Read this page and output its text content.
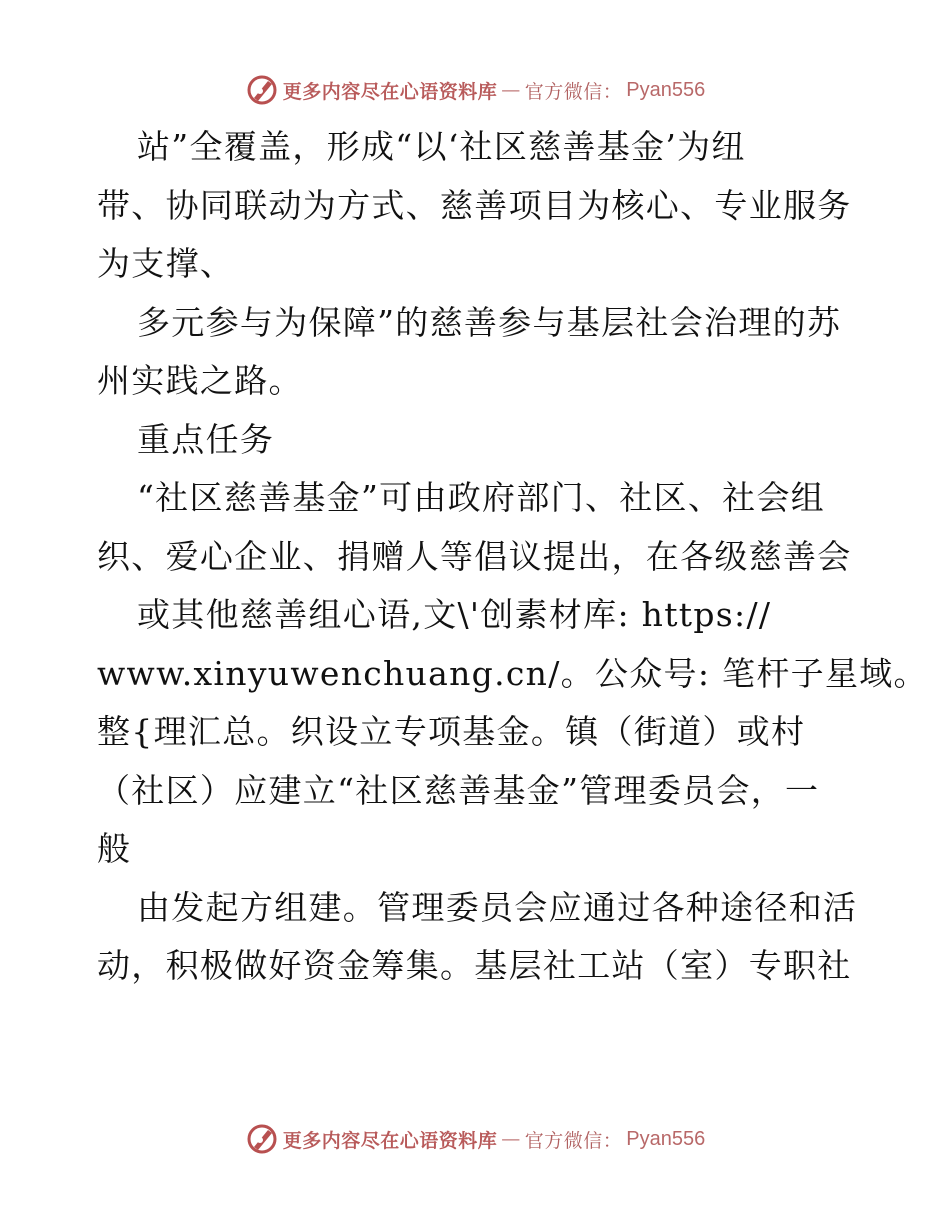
更多内容尽在心语资料库 — 官方微信： Pyan556
站”全覆盖，形成“以‘社区慈善基金’为纽
带、协同联动为方式、慈善项目为核心、专业服务
为支撑、
多元参与为保障”的慈善参与基层社会治理的苏
州实践之路。
重点任务
“社区慈善基金”可由政府部门、社区、社会组
织、爱心企业、捐赠人等倡议提出，在各级慈善会
或其他慈善组心语,文\'创素材库: https://
www.xinyuwenchuang.cn/。公众号: 笔杆子星域。
整{理汇总。织设立专项基金。镇（街道）或村
（社区）应建立“社区慈善基金”管理委员会，一
般
由发起方组建。管理委员会应通过各种途径和活
动，积极做好资金筹集。基层社工站（室）专职社
更多内容尽在心语资料库 — 官方微信： Pyan556
